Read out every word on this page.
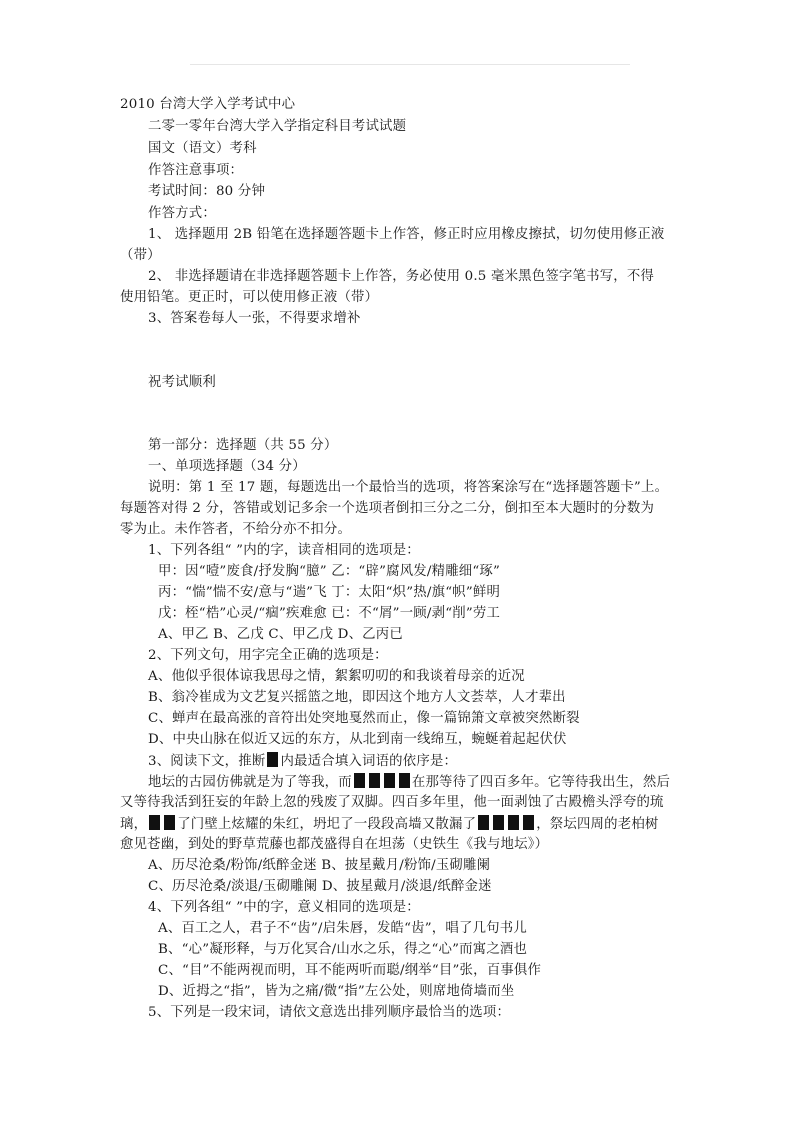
2010 台湾大学入学考试中心
二零一零年台湾大学入学指定科目考试试题
国文（语文）考科
作答注意事项：
考试时间：80 分钟
作答方式：
1、 选择题用 2B 铅笔在选择题答题卡上作答，修正时应用橡皮擦拭，切勿使用修正液
（带）
2、 非选择题请在非选择题答题卡上作答，务必使用 0.5 毫米黑色签字笔书写，不得
使用铅笔。更正时，可以使用修正液（带）
3、答案卷每人一张，不得要求增补
祝考试顺利
第一部分：选择题（共 55 分）
一、单项选择题（34 分）
说明：第 1 至 17 题，每题选出一个最恰当的选项，将答案涂写在“选择题答题卡”上。
每题答对得 2 分，答错或划记多余一个选项者倒扣三分之二分，倒扣至本大题时的分数为
零为止。未作答者，不给分亦不扣分。
1、下列各组“ ”内的字，读音相同的选项是：
甲：因“噎”废食/抒发胸“臆” 乙：“辟”腐风发/精雕细“琢”
丙：“惴”惴不安/意与“遄”飞 丁：太阳“炽”热/旗“帜”鲜明
戊：桎“梏”心灵/“痼”疾难愈 已：不“屑”一顾/剥“削”劳工
A、甲乙 B、乙戊 C、甲乙戊 D、乙丙已
2、下列文句，用字完全正确的选项是：
A、他似乎很体谅我思母之情，絮絮叨叨的和我谈着母亲的近况
B、翁冷崔成为文艺复兴摇篮之地，即因这个地方人文荟萃，人才辈出
C、蝉声在最高涨的音符出处突地戛然而止，像一篇锦箫文章被突然断裂
D、中央山脉在似近又远的东方，从北到南一线绵互，蜿蜒着起起伏伏
3、阅读下文，推断 内最适合填入词语的依序是：
地坛的古园仿佛就是为了等我，而	在那等待了四百多年。它等待我出生，然后
又等待我活到狂妄的年龄上忽的残废了双脚。四百多年里，他一面剥蚀了古殿檐头浮夸的琉
璃， 了门壁上炫耀的朱红，坍圯了一段段高墙又散漏了	，祭坛四周的老柏树
愈见苍幽，到处的野草荒藤也都茂盛得自在坦荡（史铁生《我与地坛》）
A、历尽沧桑/粉饰/纸醉金迷 B、披星戴月/粉饰/玉砌雕阑
C、历尽沧桑/淡退/玉砌雕阑 D、披星戴月/淡退/纸醉金迷
4、下列各组“ ”中的字，意义相同的选项是：
A、百工之人，君子不“齿”/启朱唇，发皓“齿”，唱了几句书儿
B、“心”凝形释，与万化冥合/山水之乐，得之“心”而寓之酒也
C、“目”不能两视而明，耳不能两听而聪/纲举“目”张，百事俱作
D、近拇之“指”，皆为之痛/微“指”左公处，则席地倚墙而坐
5、下列是一段宋词，请依文意选出排列顺序最恰当的选项：
